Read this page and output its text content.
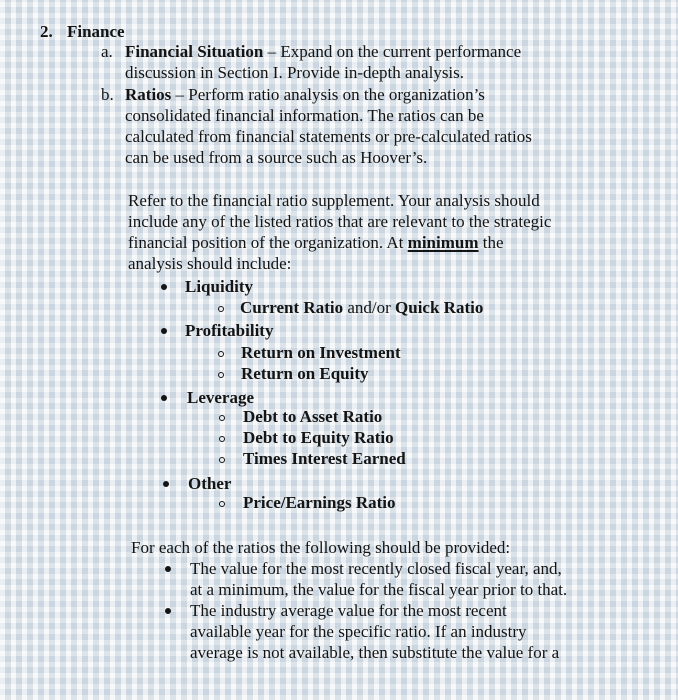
2. Finance
a. Financial Situation – Expand on the current performance
discussion in Section I. Provide in-depth analysis.
b. Ratios – Perform ratio analysis on the organization’s
consolidated financial information. The ratios can be
calculated from financial statements or pre-calculated ratios
can be used from a source such as Hoover’s.
Refer to the financial ratio supplement. Your analysis should
include any of the listed ratios that are relevant to the strategic
financial position of the organization. At minimum the
analysis should include:
Liquidity
Current Ratio and/or Quick Ratio
Profitability
Return on Investment
Return on Equity
Leverage
Debt to Asset Ratio
Debt to Equity Ratio
Times Interest Earned
Other
Price/Earnings Ratio
For each of the ratios the following should be provided:
The value for the most recently closed fiscal year, and,
at a minimum, the value for the fiscal year prior to that.
The industry average value for the most recent
available year for the specific ratio. If an industry
average is not available, then substitute the value for a
